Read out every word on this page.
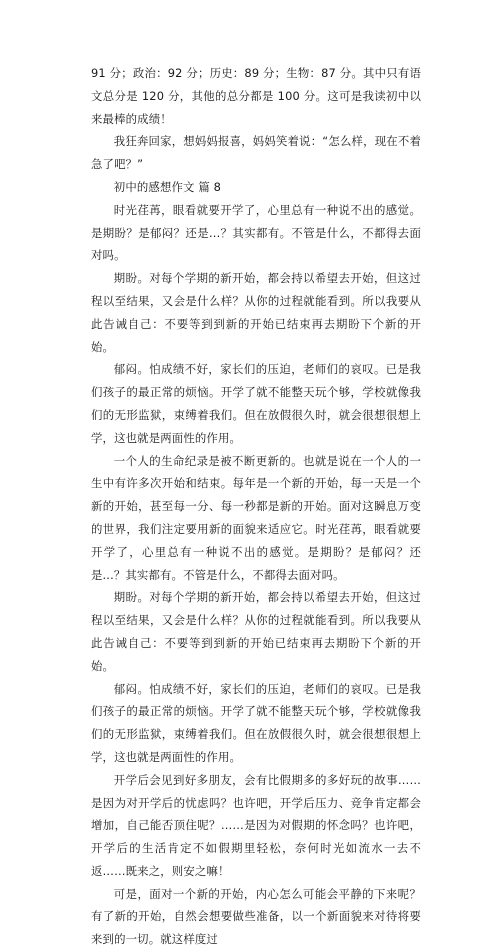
91 分；政治：92 分；历史：89 分；生物：87 分。其中只有语文总分是 120 分，其他的总分都是 100 分。这可是我读初中以来最棒的成绩！

我狂奔回家，想妈妈报喜，妈妈笑着说：“怎么样，现在不着急了吧？”

初中的感想作文 篇 8

时光荏苒，眼看就要开学了，心里总有一种说不出的感觉。是期盼？是郁闷？还是...？其实都有。不管是什么，不都得去面对吗。

期盼。对每个学期的新开始，都会持以希望去开始，但这过程以至结果，又会是什么样？从你的过程就能看到。所以我要从此告诫自己：不要等到到新的开始已结束再去期盼下个新的开始。

郁闷。怕成绩不好，家长们的压迫，老师们的哀叹。已是我们孩子的最正常的烦恼。开学了就不能整天玩个够，学校就像我们的无形监狱，束缚着我们。但在放假很久时，就会很想很想上学，这也就是两面性的作用。

一个人的生命纪录是被不断更新的。也就是说在一个人的一生中有许多次开始和结束。每年是一个新的开始，每一天是一个新的开始，甚至每一分、每一秒都是新的开始。面对这瞬息万变的世界，我们注定要用新的面貌来适应它。时光荏苒，眼看就要开学了，心里总有一种说不出的感觉。是期盼？是郁闷？还是...？其实都有。不管是什么，不都得去面对吗。

期盼。对每个学期的新开始，都会持以希望去开始，但这过程以至结果，又会是什么样？从你的过程就能看到。所以我要从此告诫自己：不要等到到新的开始已结束再去期盼下个新的开始。

郁闷。怕成绩不好，家长们的压迫，老师们的哀叹。已是我们孩子的最正常的烦恼。开学了就不能整天玩个够，学校就像我们的无形监狱，束缚着我们。但在放假很久时，就会很想很想上学，这也就是两面性的作用。

开学后会见到好多朋友，会有比假期多的多好玩的故事……是因为对开学后的忧虑吗？也许吧，开学后压力、竞争肯定都会增加，自己能否顶住呢？……是因为对假期的怀念吗？也许吧，开学后的生活肯定不如假期里轻松，奈何时光如流水一去不返……既来之，则安之嘛！

可是，面对一个新的开始，内心怎么可能会平静的下来呢？有了新的开始，自然会想要做些准备，以一个新面貌来对待将要来到的一切。就这样度过
